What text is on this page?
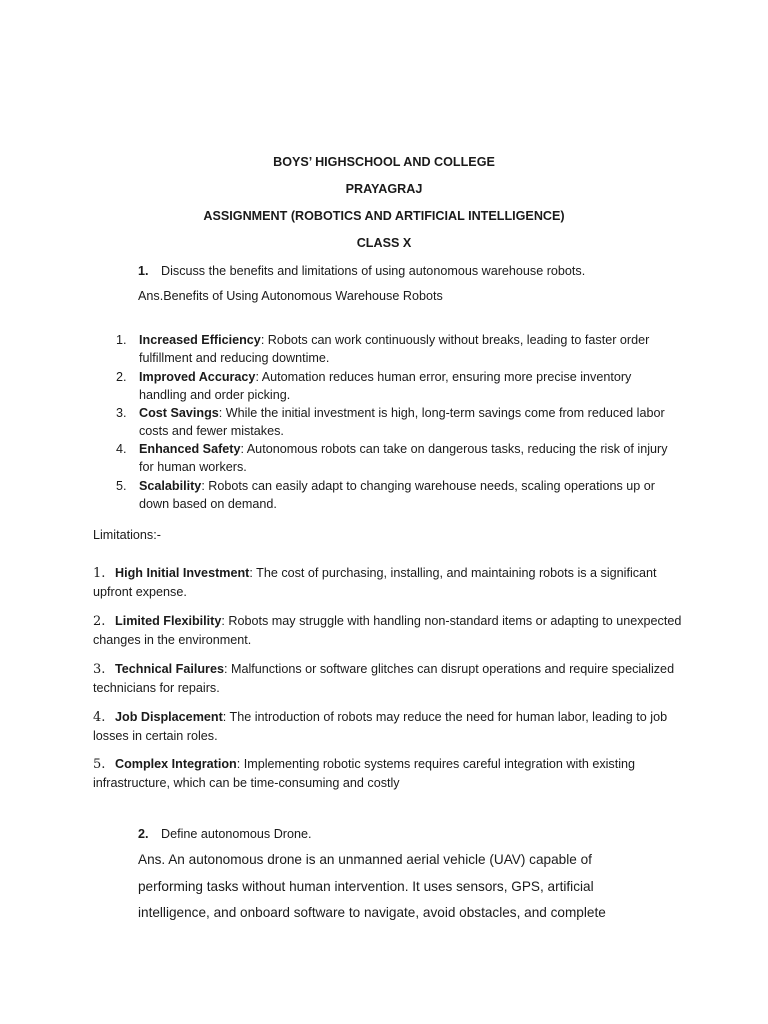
BOYS’ HIGHSCHOOL AND COLLEGE
PRAYAGRAJ
ASSIGNMENT (ROBOTICS AND ARTIFICIAL INTELLIGENCE)
CLASS X
1. Discuss the benefits and limitations of using autonomous warehouse robots.
Ans.Benefits of Using Autonomous Warehouse Robots
1. Increased Efficiency: Robots can work continuously without breaks, leading to faster order fulfillment and reducing downtime.
2. Improved Accuracy: Automation reduces human error, ensuring more precise inventory handling and order picking.
3. Cost Savings: While the initial investment is high, long-term savings come from reduced labor costs and fewer mistakes.
4. Enhanced Safety: Autonomous robots can take on dangerous tasks, reducing the risk of injury for human workers.
5. Scalability: Robots can easily adapt to changing warehouse needs, scaling operations up or down based on demand.
Limitations:-
1. High Initial Investment: The cost of purchasing, installing, and maintaining robots is a significant upfront expense.
2. Limited Flexibility: Robots may struggle with handling non-standard items or adapting to unexpected changes in the environment.
3. Technical Failures: Malfunctions or software glitches can disrupt operations and require specialized technicians for repairs.
4. Job Displacement: The introduction of robots may reduce the need for human labor, leading to job losses in certain roles.
5. Complex Integration: Implementing robotic systems requires careful integration with existing infrastructure, which can be time-consuming and costly
2. Define autonomous Drone.
Ans. An autonomous drone is an unmanned aerial vehicle (UAV) capable of performing tasks without human intervention. It uses sensors, GPS, artificial intelligence, and onboard software to navigate, avoid obstacles, and complete
